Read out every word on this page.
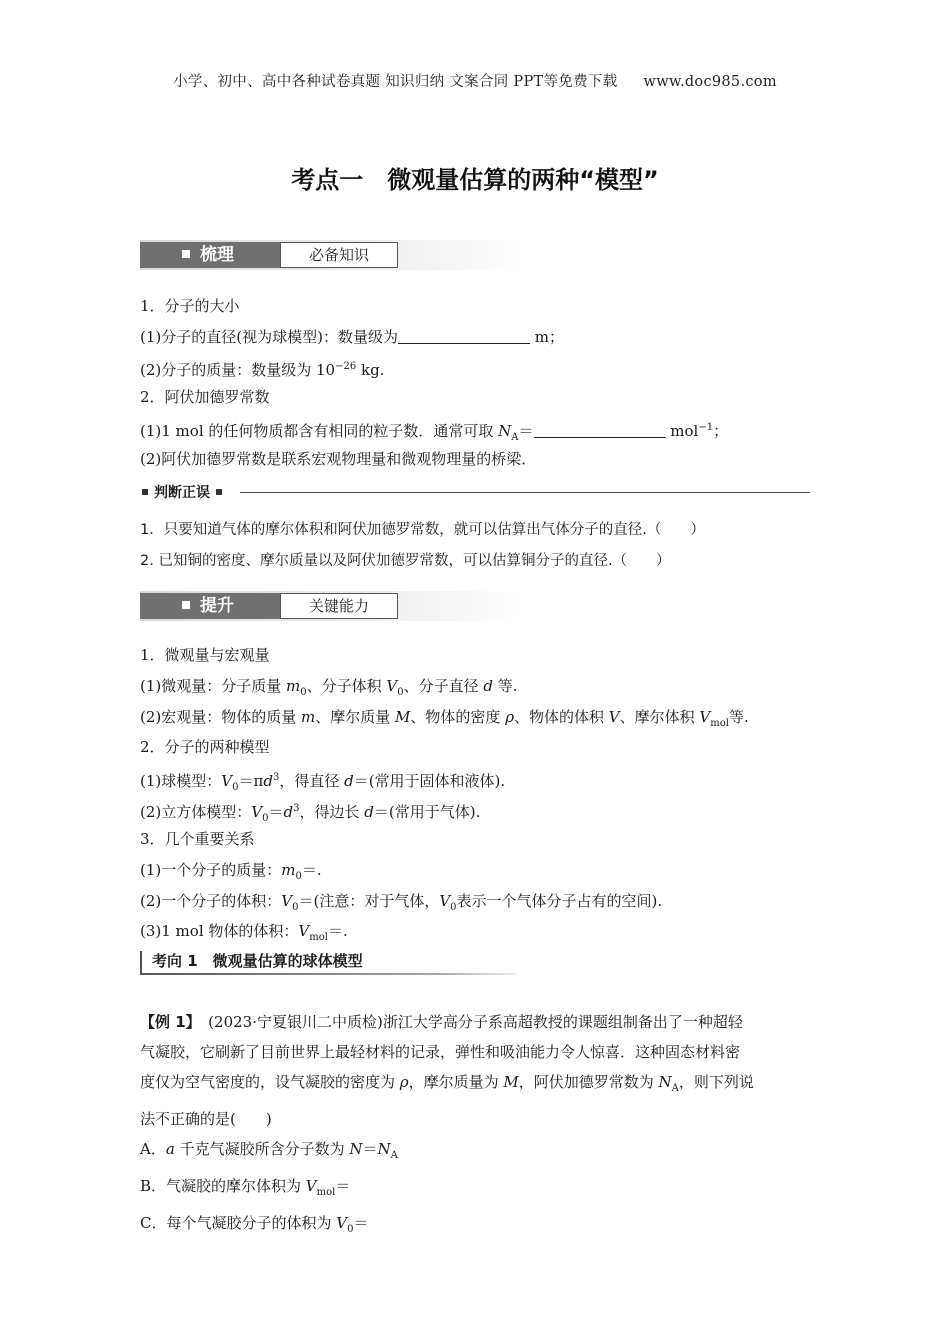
小学、初中、高中各种试卷真题 知识归纳 文案合同 PPT等免费下载 www.doc985.com
考点一　微观量估算的两种“模型”
梳理	必备知识
1．分子的大小
(1)分子的直径(视为球模型)：数量级为	m；
(2)分子的质量：数量级为 $10^{-26}$ kg.
2．阿伏加德罗常数
(1)1 mol 的任何物质都含有相同的粒子数．通常可取 $N_A=$	mol$^{-1}$；
(2)阿伏加德罗常数是联系宏观物理量和微观物理量的桥梁．
判断正误
1．只要知道气体的摩尔体积和阿伏加德罗常数，就可以估算出气体分子的直径.（　　）
2. 已知铜的密度、摩尔质量以及阿伏加德罗常数，可以估算铜分子的直径.（　　）
提升	关键能力
1．微观量与宏观量
(1)微观量：分子质量 $m_0$、分子体积 $V_0$、分子直径 d 等.
(2)宏观量：物体的质量 m、摩尔质量 M、物体的密度 ρ、物体的体积 V、摩尔体积 $V_{mol}$等.
2．分子的两种模型
(1)球模型：$V_0=\pi d^3$，得直径 d＝(常用于固体和液体).
(2)立方体模型：$V_0=d^3$，得边长 d＝(常用于气体).
3．几个重要关系
(1)一个分子的质量：$m_0=$.
(2)一个分子的体积：$V_0=$(注意：对于气体，$V_0$表示一个气体分子占有的空间).
(3)1 mol 物体的体积：$V_{mol}=$.
考向 1　微观量估算的球体模型
【例 1】　(2023·宁夏银川二中质检)浙江大学高分子系高超教授的课题组制备出了一种超轻
气凝胶，它刷新了目前世界上最轻材料的记录，弹性和吸油能力令人惊喜．这种固态材料密
度仅为空气密度的，设气凝胶的密度为 ρ，摩尔质量为 M，阿伏加德罗常数为 $N_A$，则下列说
法不正确的是(　　)
A．a 千克气凝胶所含分子数为 $N=N_A$
B．气凝胶的摩尔体积为 $V_{mol}=$
C．每个气凝胶分子的体积为 $V_0=$
